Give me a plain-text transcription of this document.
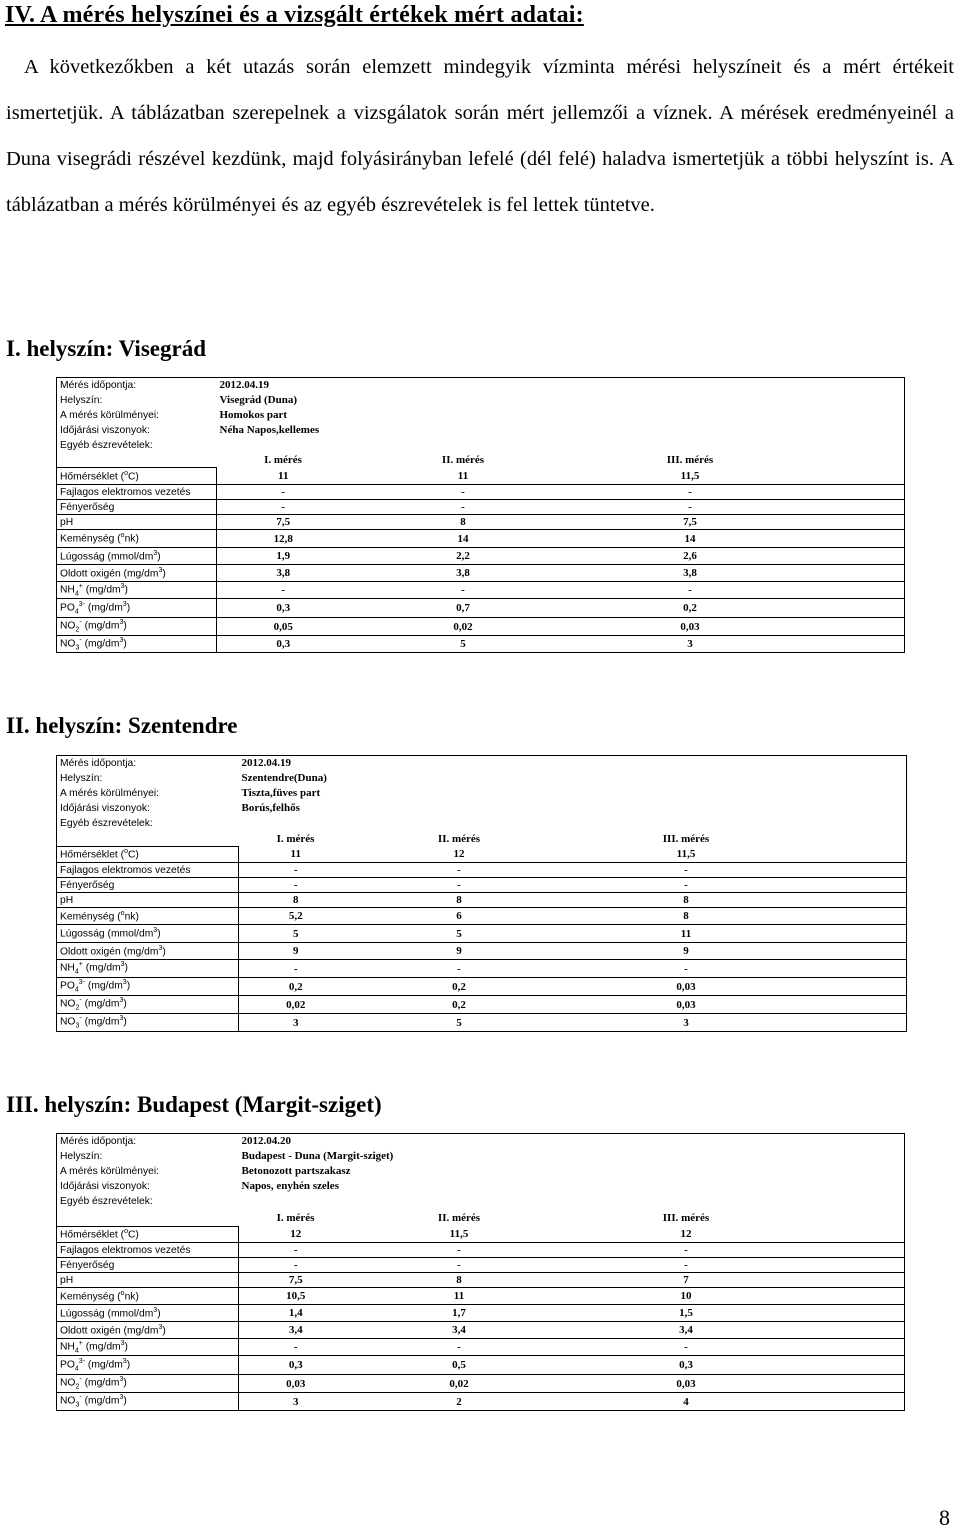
IV. A mérés helyszínei és a vizsgált értékek mért adatai:

A következőkben a két utazás során elemzett mindegyik vízminta mérési helyszíneit és a mért értékeit ismertetjük. A táblázatban szerepelnek a vizsgálatok során mért jellemzői a víznek. A mérések eredményeinél a Duna visegrádi részével kezdünk, majd folyásirányban lefelé (dél felé) haladva ismertetjük a többi helyszínt is. A táblázatban a mérés körülményei és az egyéb észrevételek is fel lettek tüntetve.

I. helyszín: Visegrád
Mérés időpontja:	2012.04.19			
Helyszín:	Visegrád (Duna)			
A mérés körülményei:	Homokos part			
Időjárási viszonyok:	Néha Napos,kellemes			
Egyéb észrevételek:				
	I. mérés	II. mérés	III. mérés	
Hőmérséklet ($^o$C)	11	11	11,5	
Fajlagos elektromos vezetés	-	-	-	
Fényerőség	-	-	-	
pH	7,5	8	7,5	
Keménység ($^o$nk)	12,8	14	14	
Lúgosság $(mmol/dm^3)$	1,9	2,2	2,6	
Oldott oxigén $(mg/dm^3)$	3,8	3,8	3,8	
$NH_4^+$ $(mg/dm^3)$	-	-	-	
$PO_4^{3-}$ $(mg/dm^3)$	0,3	0,7	0,2	
$NO_2^-$ $(mg/dm^3)$	0,05	0,02	0,03	
$NO_3^-$ $(mg/dm^3)$	0,3	5	3	
II. helyszín: Szentendre
Mérés időpontja:	2012.04.19			
Helyszín:	Szentendre(Duna)			
A mérés körülményei:	Tiszta,füves part			
Időjárási viszonyok:	Borús,felhős			
Egyéb észrevételek:				
	I. mérés	II. mérés	III. mérés	
Hőmérséklet ($^o$C)	11	12	11,5	
Fajlagos elektromos vezetés	-	-	-	
Fényerőség	-	-	-	
pH	8	8	8	
Keménység ($^o$nk)	5,2	6	8	
Lúgosság $(mmol/dm^3)$	5	5	11	
Oldott oxigén $(mg/dm^3)$	9	9	9	
$NH_4^+$ $(mg/dm^3)$	-	-	-	
$PO_4^{3-}$ $(mg/dm^3)$	0,2	0,2	0,03	
$NO_2^-$ $(mg/dm^3)$	0,02	0,2	0,03	
$NO_3^-$ $(mg/dm^3)$	3	5	3	
III. helyszín: Budapest (Margit-sziget)
Mérés időpontja:	2012.04.20			
Helyszín:	Budapest - Duna (Margit-sziget)			
A mérés körülményei:	Betonozott partszakasz			
Időjárási viszonyok:	Napos, enyhén szeles			
Egyéb észrevételek:				
	I. mérés	II. mérés	III. mérés	
Hőmérséklet ($^o$C)	12	11,5	12	
Fajlagos elektromos vezetés	-	-	-	
Fényerőség	-	-	-	
pH	7,5	8	7	
Keménység ($^o$nk)	10,5	11	10	
Lúgosság $(mmol/dm^3)$	1,4	1,7	1,5	
Oldott oxigén $(mg/dm^3)$	3,4	3,4	3,4	
$NH_4^+$ $(mg/dm^3)$	-	-	-	
$PO_4^{3-}$ $(mg/dm^3)$	0,3	0,5	0,3	
$NO_2^-$ $(mg/dm^3)$	0,03	0,02	0,03	
$NO_3^-$ $(mg/dm^3)$	3	2	4	
8
